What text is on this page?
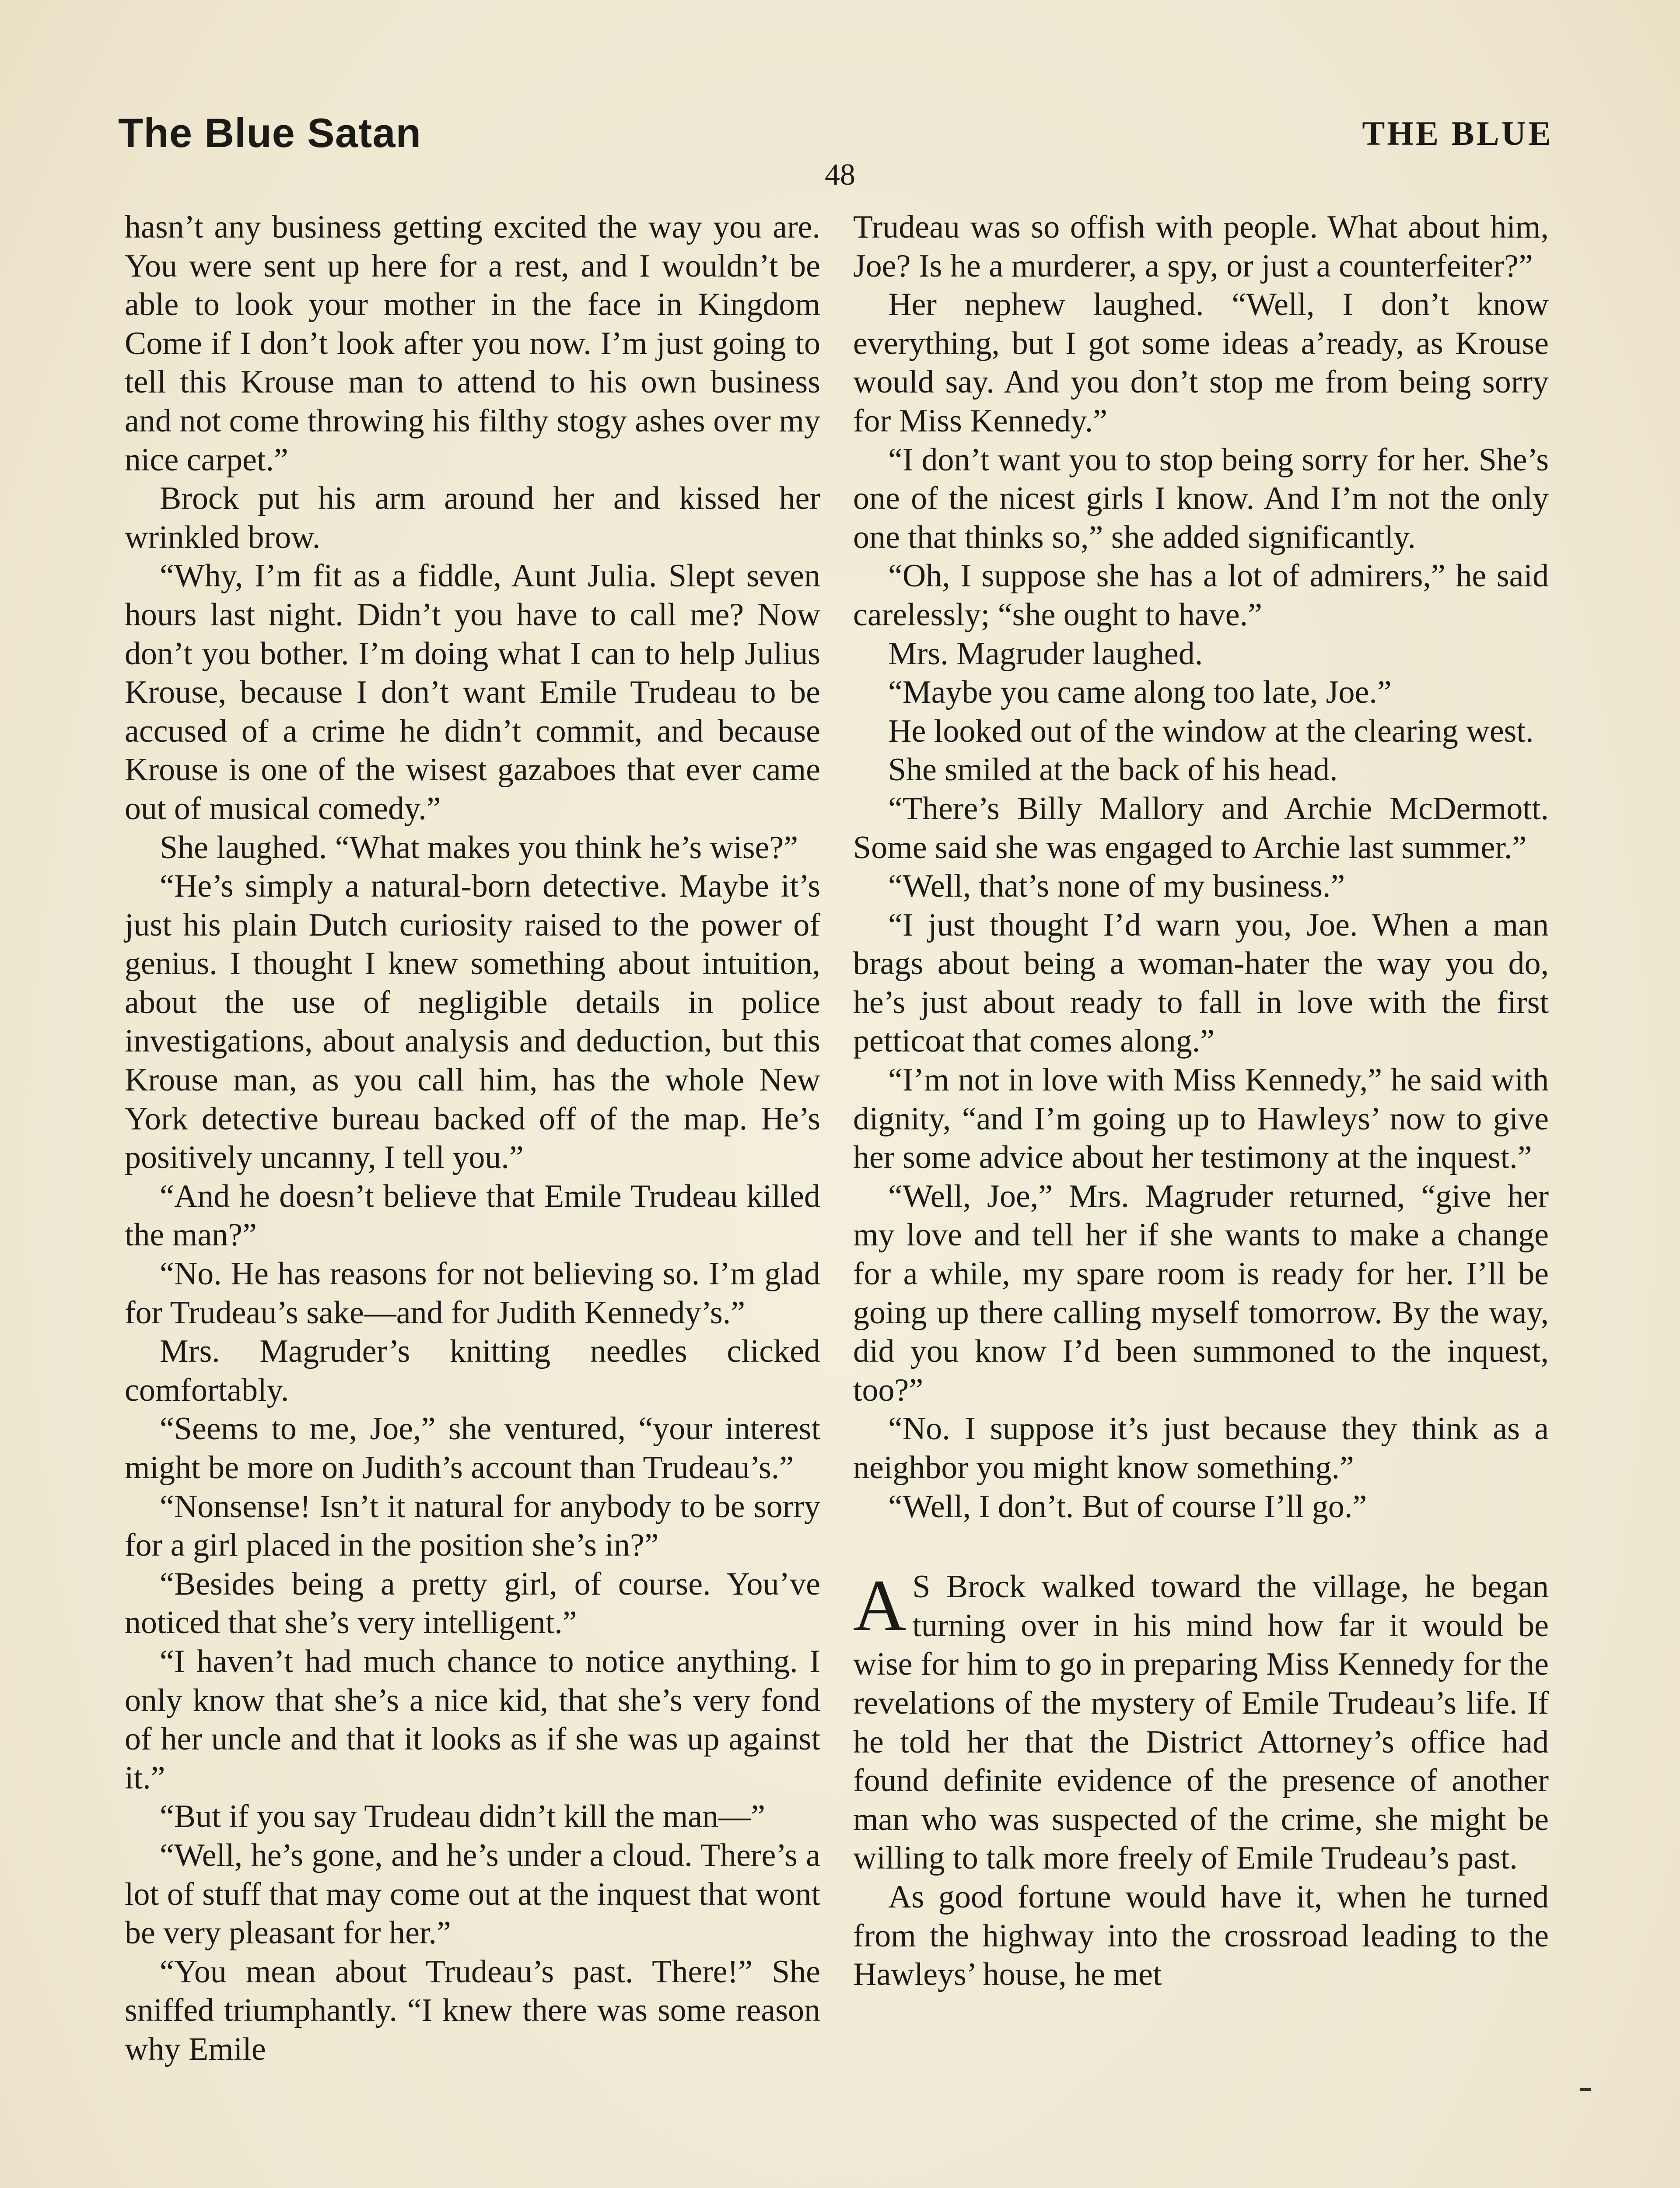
The Blue Satan	THE BLUE
48

hasn’t any business getting excited the way you are. You were sent up here for a rest, and I wouldn’t be able to look your mother in the face in Kingdom Come if I don’t look after you now. I’m just going to tell this Krouse man to attend to his own business and not come throwing his filthy stogy ashes over my nice carpet.”

Brock put his arm around her and kissed her wrinkled brow.

“Why, I’m fit as a fiddle, Aunt Julia. Slept seven hours last night. Didn’t you have to call me? Now don’t you bother. I’m doing what I can to help Julius Krouse, because I don’t want Emile Trudeau to be accused of a crime he didn’t commit, and because Krouse is one of the wisest gazaboes that ever came out of musical comedy.”

She laughed. “What makes you think he’s wise?”

“He’s simply a natural-born detective. Maybe it’s just his plain Dutch curiosity raised to the power of genius. I thought I knew something about intuition, about the use of negligible details in police investigations, about analysis and deduction, but this Krouse man, as you call him, has the whole New York detective bureau backed off of the map. He’s positively uncanny, I tell you.”

“And he doesn’t believe that Emile Trudeau killed the man?”

“No. He has reasons for not believing so. I’m glad for Trudeau’s sake—and for Judith Kennedy’s.”

Mrs. Magruder’s knitting needles clicked comfortably.

“Seems to me, Joe,” she ventured, “your interest might be more on Judith’s account than Trudeau’s.”

“Nonsense! Isn’t it natural for anybody to be sorry for a girl placed in the position she’s in?”

“Besides being a pretty girl, of course. You’ve noticed that she’s very intelligent.”

“I haven’t had much chance to notice anything. I only know that she’s a nice kid, that she’s very fond of her uncle and that it looks as if she was up against it.”

“But if you say Trudeau didn’t kill the man—”

“Well, he’s gone, and he’s under a cloud. There’s a lot of stuff that may come out at the inquest that wont be very pleasant for her.”

“You mean about Trudeau’s past. There!” She sniffed triumphantly. “I knew there was some reason why Emile

Trudeau was so offish with people. What about him, Joe? Is he a murderer, a spy, or just a counterfeiter?”

Her nephew laughed. “Well, I don’t know everything, but I got some ideas a’ready, as Krouse would say. And you don’t stop me from being sorry for Miss Kennedy.”

“I don’t want you to stop being sorry for her. She’s one of the nicest girls I know. And I’m not the only one that thinks so,” she added significantly.

“Oh, I suppose she has a lot of admirers,” he said carelessly; “she ought to have.”

Mrs. Magruder laughed.

“Maybe you came along too late, Joe.”

He looked out of the window at the clearing west.

She smiled at the back of his head.

“There’s Billy Mallory and Archie McDermott. Some said she was engaged to Archie last summer.”

“Well, that’s none of my business.”

“I just thought I’d warn you, Joe. When a man brags about being a woman-hater the way you do, he’s just about ready to fall in love with the first petticoat that comes along.”

“I’m not in love with Miss Kennedy,” he said with dignity, “and I’m going up to Hawleys’ now to give her some advice about her testimony at the inquest.”

“Well, Joe,” Mrs. Magruder returned, “give her my love and tell her if she wants to make a change for a while, my spare room is ready for her. I’ll be going up there calling myself tomorrow. By the way, did you know I’d been summoned to the inquest, too?”

“No. I suppose it’s just because they think as a neighbor you might know something.”

“Well, I don’t. But of course I’ll go.”

A S Brock walked toward the village, he began turning over in his mind how far it would be wise for him to go in preparing Miss Kennedy for the revelations of the mystery of Emile Trudeau’s life. If he told her that the District Attorney’s office had found definite evidence of the presence of another man who was suspected of the crime, she might be willing to talk more freely of Emile Trudeau’s past.

As good fortune would have it, when he turned from the highway into the crossroad leading to the Hawleys’ house, he met
